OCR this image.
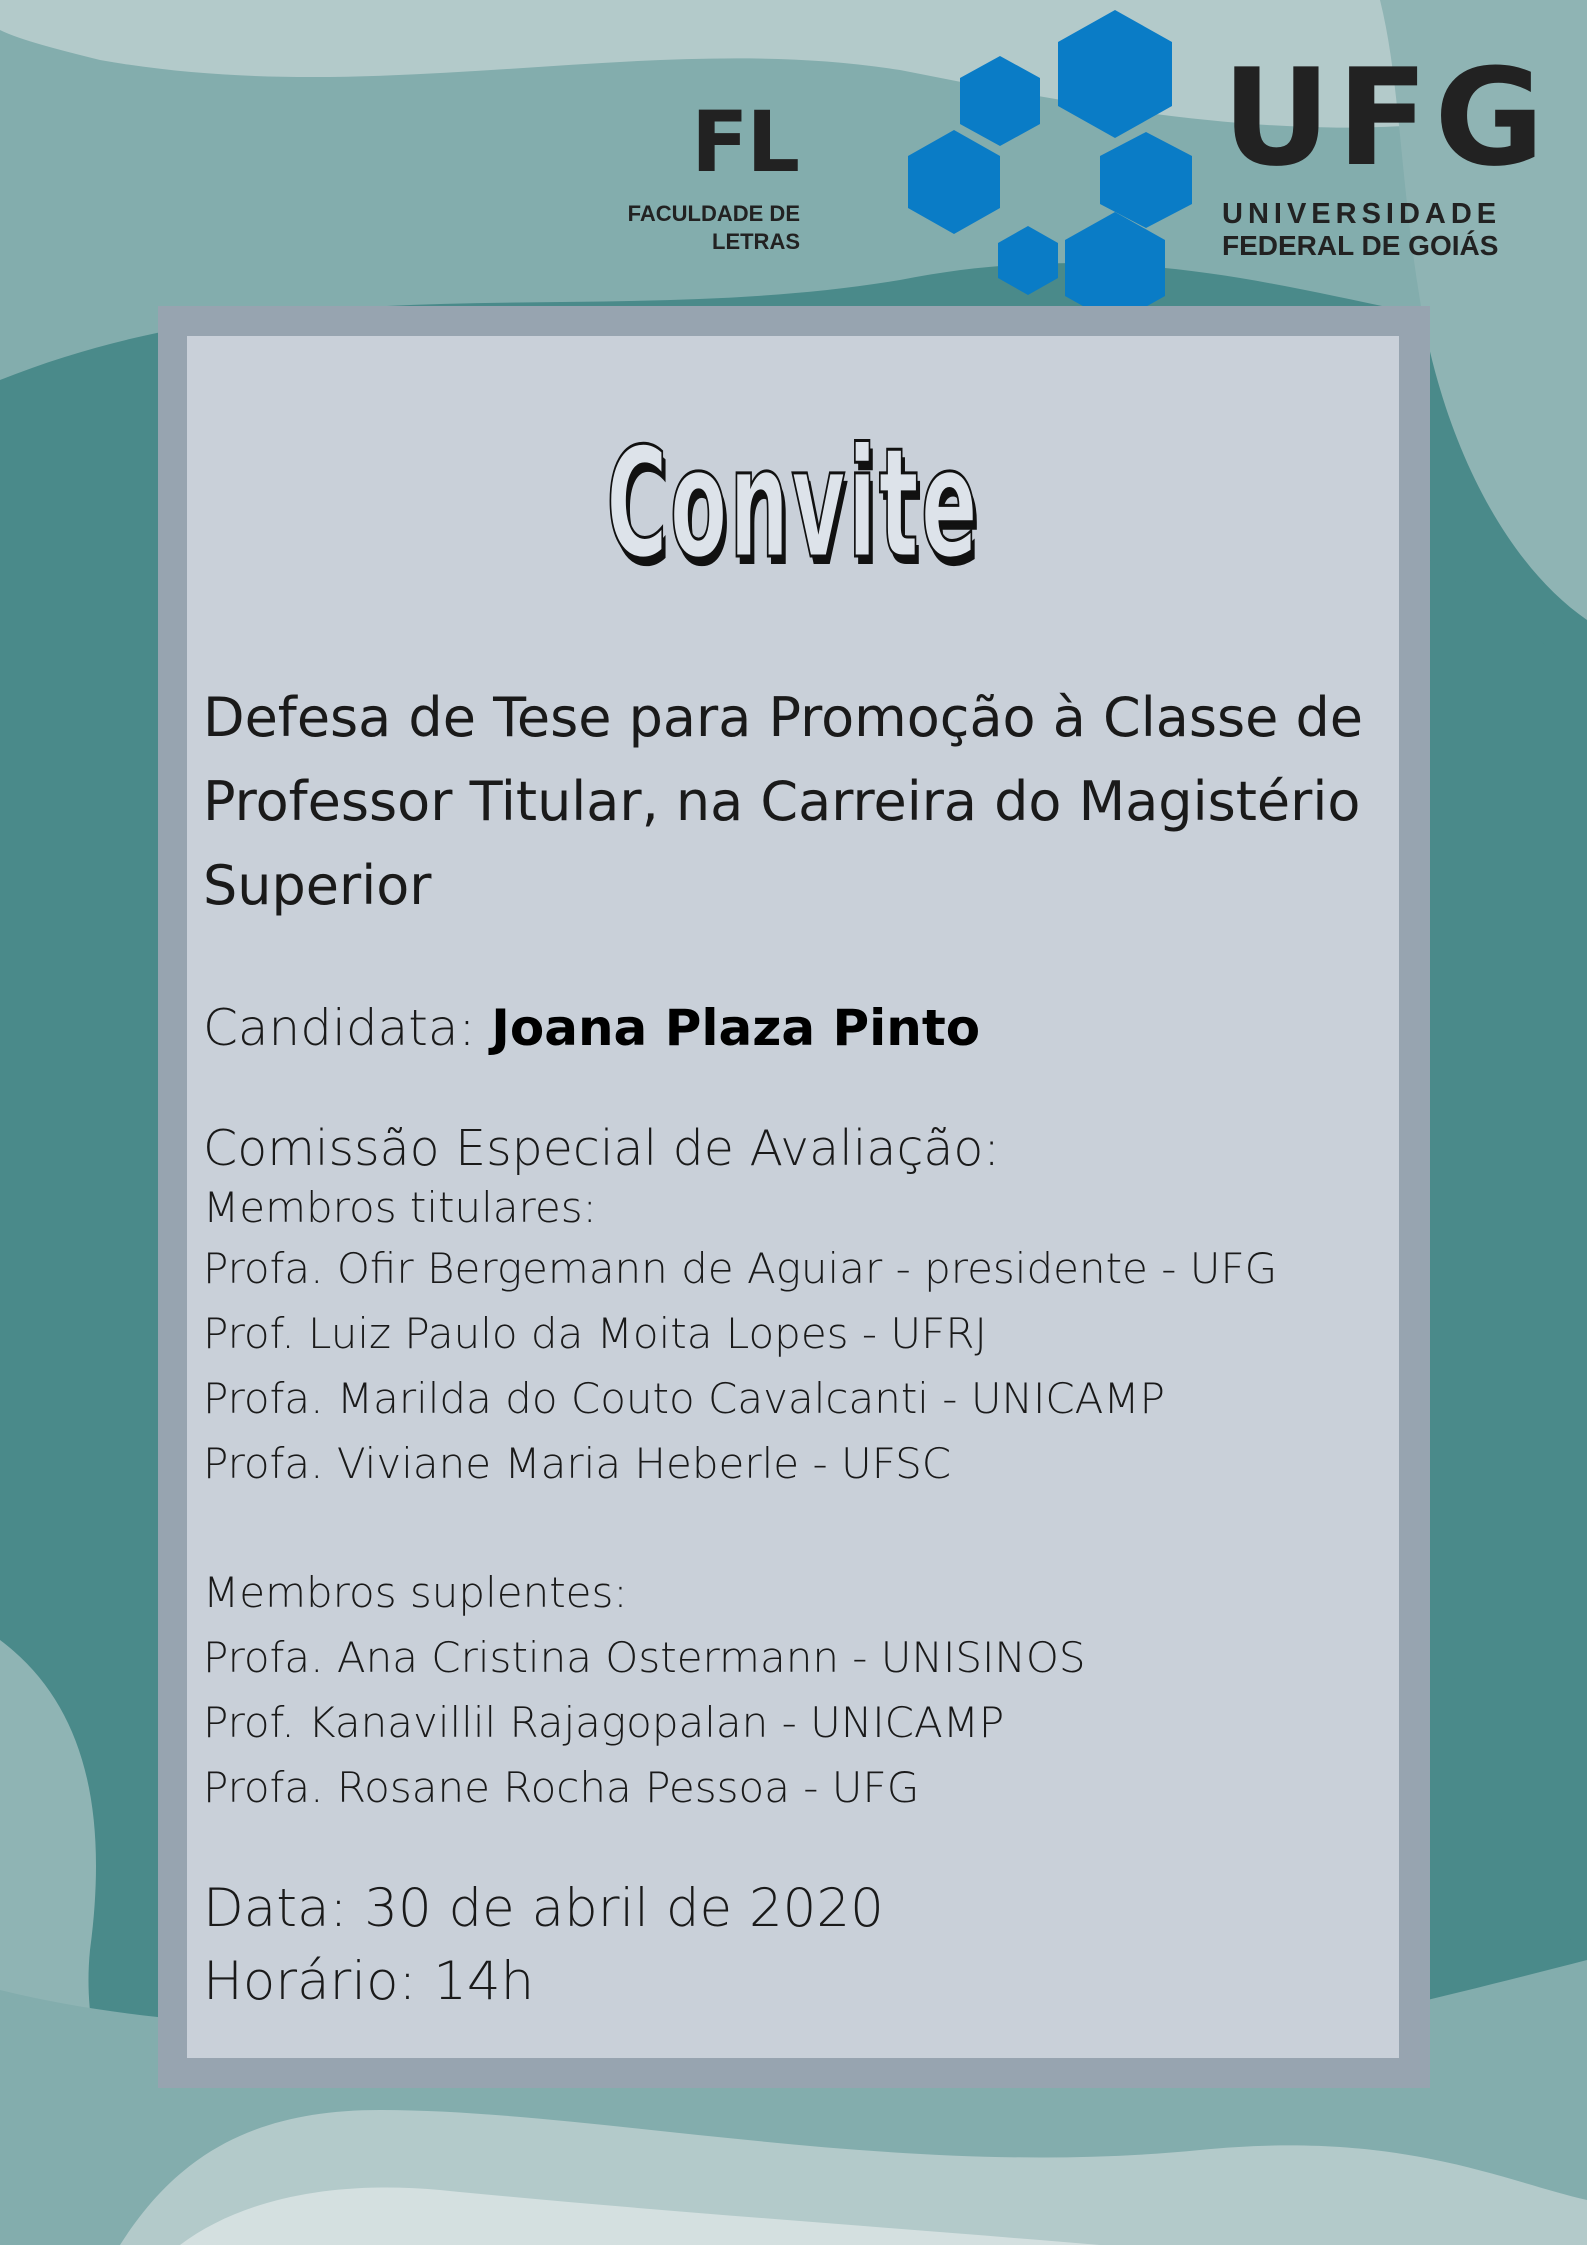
FL
FACULDADE DE
LETRAS
UFG
UNIVERSIDADE
FEDERAL DE GOIÁS
Convite
Defesa de Tese para Promoção à Classe de Professor Titular, na Carreira do Magistério Superior
Candidata: Joana Plaza Pinto
Comissão Especial de Avaliação:
Membros titulares:
Profa. Ofir Bergemann de Aguiar - presidente - UFG
Prof. Luiz Paulo da Moita Lopes - UFRJ
Profa. Marilda do Couto Cavalcanti - UNICAMP
Profa. Viviane Maria Heberle - UFSC
Membros suplentes:
Profa. Ana Cristina Ostermann - UNISINOS
Prof. Kanavillil Rajagopalan - UNICAMP
Profa. Rosane Rocha Pessoa - UFG
Data: 30 de abril de 2020
Horário: 14h
